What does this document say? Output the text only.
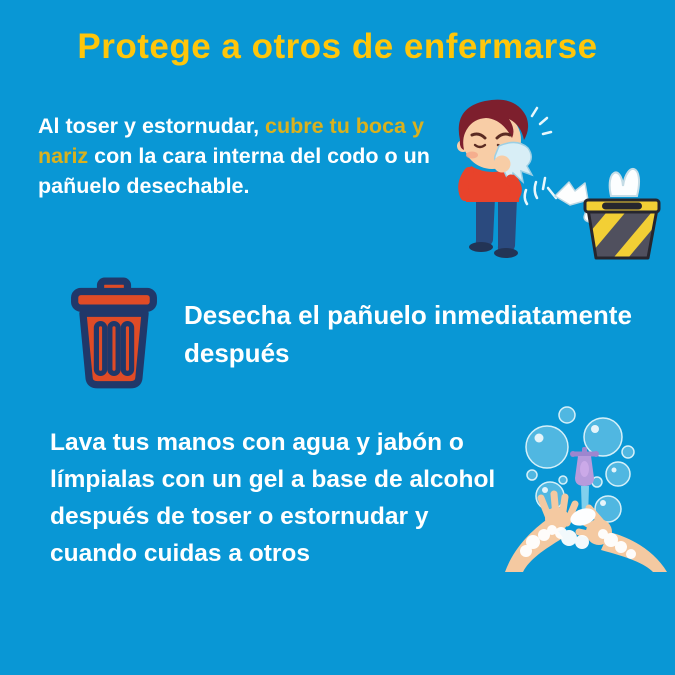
Protege a otros de enfermarse
Al toser y estornudar, cubre tu boca y nariz con la cara interna del codo o un pañuelo desechable.
Desecha el pañuelo inmediatamente después
Lava tus manos con agua y jabón o límpialas con un gel a base de alcohol después de toser o estornudar y cuando cuidas a otros
